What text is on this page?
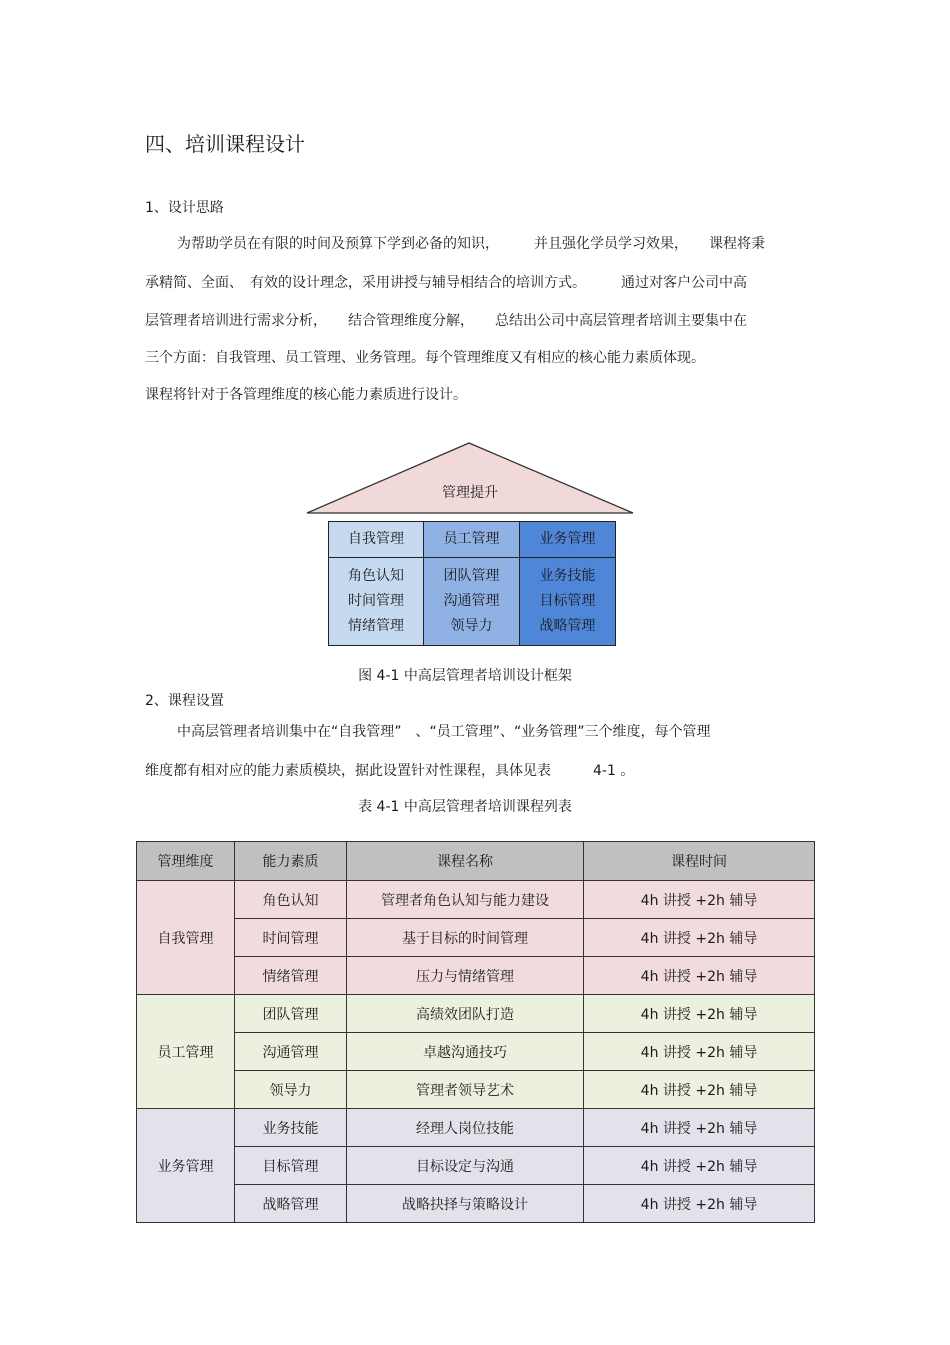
四、培训课程设计
1、设计思路
为帮助学员在有限的时间及预算下学到必备的知识，　　　并且强化学员学习效果，　　课程将秉
承精简、全面、　有效的设计理念，采用讲授与辅导相结合的培训方式。　　　通过对客户公司中高
层管理者培训进行需求分析，　　结合管理维度分解，　　总结出公司中高层管理者培训主要集中在
三个方面：自我管理、员工管理、业务管理。每个管理维度又有相应的核心能力素质体现。
课程将针对于各管理维度的核心能力素质进行设计。
管理提升
自我管理	员工管理	业务管理
角色认知
时间管理
情绪管理
团队管理
沟通管理
领导力
业务技能
目标管理
战略管理
图 4-1 中高层管理者培训设计框架
2、课程设置
中高层管理者培训集中在“自我管理”　、“员工管理”、“业务管理”三个维度，每个管理
维度都有相对应的能力素质模块，据此设置针对性课程，具体见表　　　4-1 。
表 4-1 中高层管理者培训课程列表
管理维度	能力素质	课程名称	课程时间
自我管理	角色认知	管理者角色认知与能力建设	4h 讲授 +2h 辅导
	时间管理	基于目标的时间管理	4h 讲授 +2h 辅导
	情绪管理	压力与情绪管理	4h 讲授 +2h 辅导
员工管理	团队管理	高绩效团队打造	4h 讲授 +2h 辅导
	沟通管理	卓越沟通技巧	4h 讲授 +2h 辅导
	领导力	管理者领导艺术	4h 讲授 +2h 辅导
业务管理	业务技能	经理人岗位技能	4h 讲授 +2h 辅导
	目标管理	目标设定与沟通	4h 讲授 +2h 辅导
	战略管理	战略抉择与策略设计	4h 讲授 +2h 辅导
